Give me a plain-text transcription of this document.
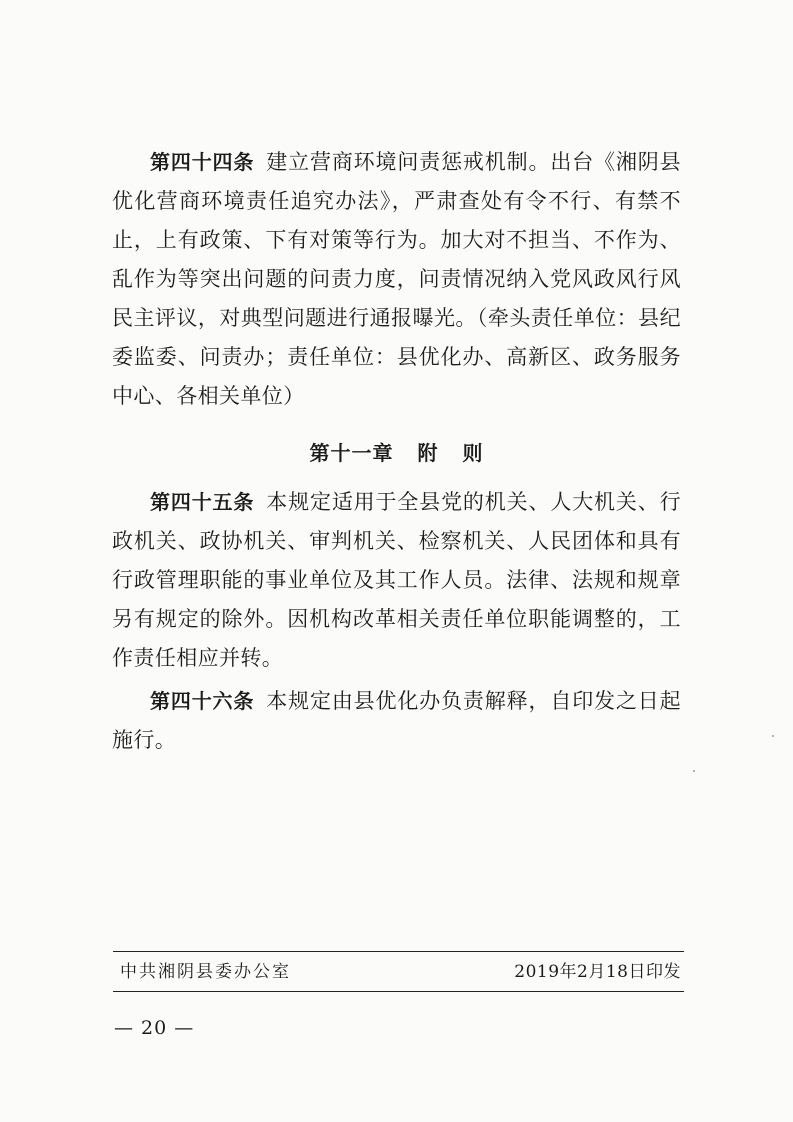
第四十四条 建立营商环境问责惩戒机制。出台《湘阴县优化营商环境责任追究办法》，严肃查处有令不行、有禁不止，上有政策、下有对策等行为。加大对不担当、不作为、乱作为等突出问题的问责力度，问责情况纳入党风政风行风民主评议，对典型问题进行通报曝光。（牵头责任单位：县纪委监委、问责办；责任单位：县优化办、高新区、政务服务中心、各相关单位）

第十一章 附 则

第四十五条 本规定适用于全县党的机关、人大机关、行政机关、政协机关、审判机关、检察机关、人民团体和具有行政管理职能的事业单位及其工作人员。法律、法规和规章另有规定的除外。因机构改革相关责任单位职能调整的，工作责任相应并转。

第四十六条 本规定由县优化办负责解释，自印发之日起施行。

中共湘阴县委办公室	2019年2月18日印发
— 20 —
